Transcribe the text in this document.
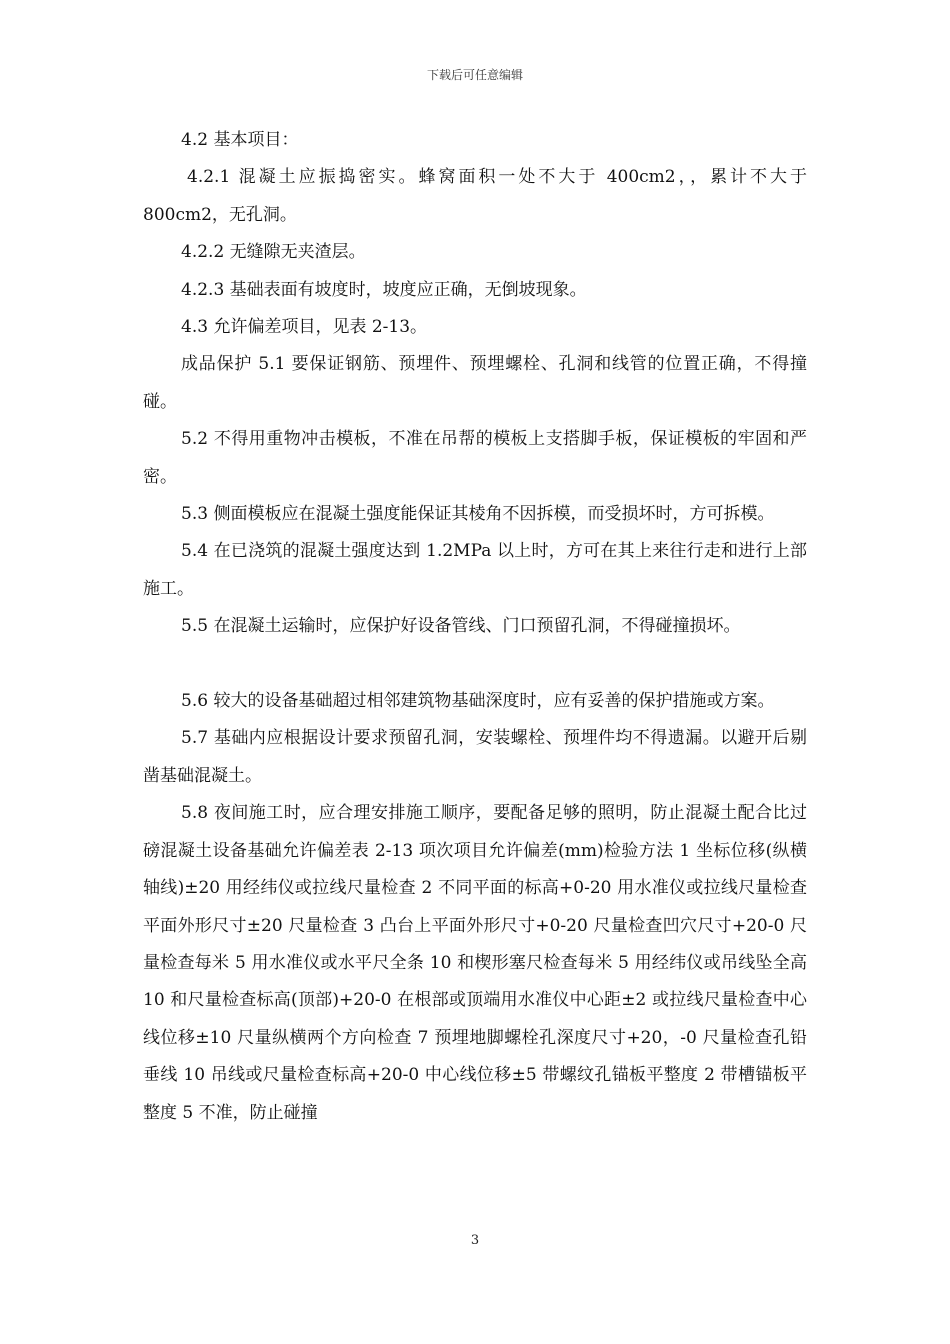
下载后可任意编辑

4.2 基本项目：

4.2.1 混凝土应振捣密实。蜂窝面积一处不大于 400cm2，，累计不大于 800cm2，无孔洞。

4.2.2 无缝隙无夹渣层。

4.2.3 基础表面有坡度时，坡度应正确，无倒坡现象。

4.3 允许偏差项目，见表 2-13。

成品保护 5.1 要保证钢筋、预埋件、预埋螺栓、孔洞和线管的位置正确，不得撞碰。

5.2 不得用重物冲击模板，不准在吊帮的模板上支搭脚手板，保证模板的牢固和严密。

5.3 侧面模板应在混凝土强度能保证其棱角不因拆模，而受损坏时，方可拆模。

5.4 在已浇筑的混凝土强度达到 1.2MPa 以上时，方可在其上来往行走和进行上部施工。

5.5 在混凝土运输时，应保护好设备管线、门口预留孔洞，不得碰撞损坏。

5.6 较大的设备基础超过相邻建筑物基础深度时，应有妥善的保护措施或方案。

5.7 基础内应根据设计要求预留孔洞，安装螺栓、预埋件均不得遗漏。以避开后剔凿基础混凝土。

5.8 夜间施工时，应合理安排施工顺序，要配备足够的照明，防止混凝土配合比过磅混凝土设备基础允许偏差表 2-13 项次项目允许偏差(mm)检验方法 1 坐标位移(纵横轴线)±20 用经纬仪或拉线尺量检查 2 不同平面的标高+0-20 用水准仪或拉线尺量检查平面外形尺寸±20 尺量检查 3 凸台上平面外形尺寸+0-20 尺量检查凹穴尺寸+20-0 尺量检查每米 5 用水准仪或水平尺全条 10 和楔形塞尺检查每米 5 用经纬仪或吊线坠全高 10 和尺量检查标高(顶部)+20-0 在根部或顶端用水准仪中心距±2 或拉线尺量检查中心线位移±10 尺量纵横两个方向检查 7 预埋地脚螺栓孔深度尺寸+20，-0 尺量检查孔铅垂线 10 吊线或尺量检查标高+20-0 中心线位移±5 带螺纹孔锚板平整度 2 带槽锚板平整度 5 不准，防止碰撞

3
